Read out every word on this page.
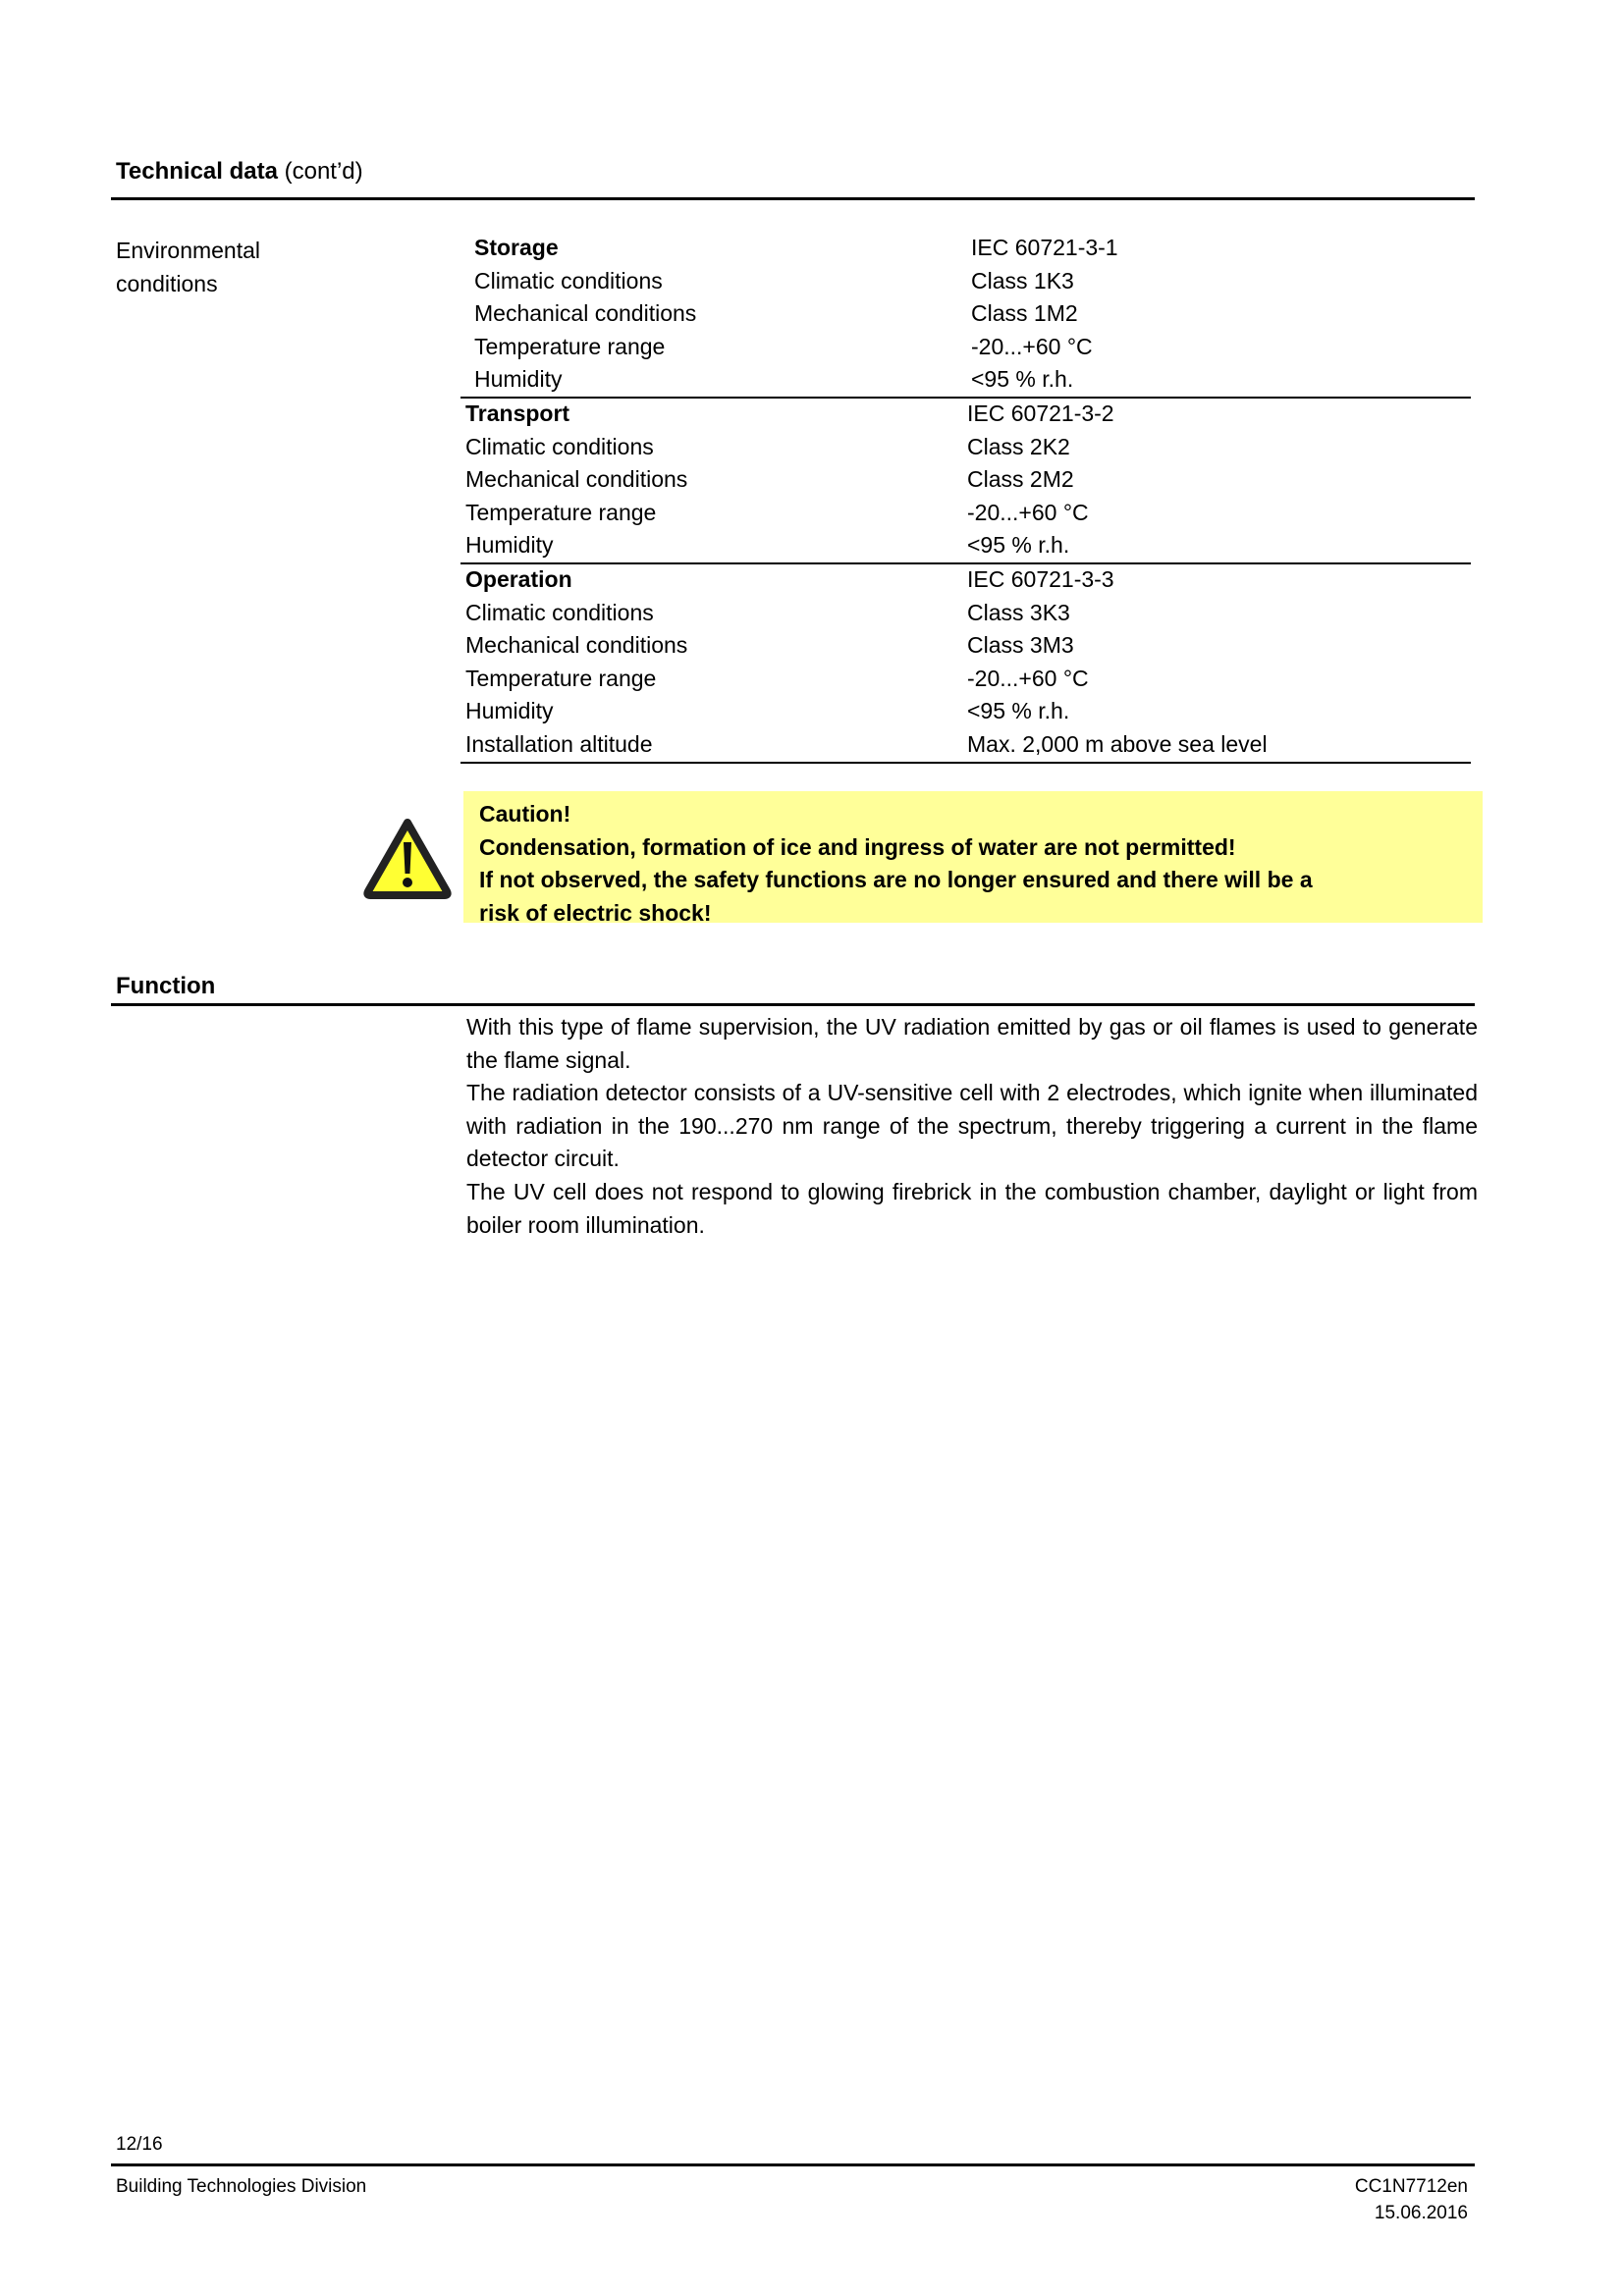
Technical data (cont’d)
Environmental
conditions
Storage	IEC 60721-3-1
Climatic conditions	Class 1K3
Mechanical conditions	Class 1M2
Temperature range	-20...+60 °C
Humidity	<95 % r.h.
Transport	IEC 60721-3-2
Climatic conditions	Class 2K2
Mechanical conditions	Class 2M2
Temperature range	-20...+60 °C
Humidity	<95 % r.h.
Operation	IEC 60721-3-3
Climatic conditions	Class 3K3
Mechanical conditions	Class 3M3
Temperature range	-20...+60 °C
Humidity	<95 % r.h.
Installation altitude	Max. 2,000 m above sea level
Caution!
Condensation, formation of ice and ingress of water are not permitted!
If not observed, the safety functions are no longer ensured and there will be a
risk of electric shock!
Function

With this type of flame supervision, the UV radiation emitted by gas or oil flames is used to generate the flame signal.

The radiation detector consists of a UV-sensitive cell with 2 electrodes, which ignite when illuminated with radiation in the 190...270 nm range of the spectrum, thereby triggering a current in the flame detector circuit.

The UV cell does not respond to glowing firebrick in the combustion chamber, daylight or light from boiler room illumination.

12/16
Building Technologies Division	CC1N7712en
15.06.2016
